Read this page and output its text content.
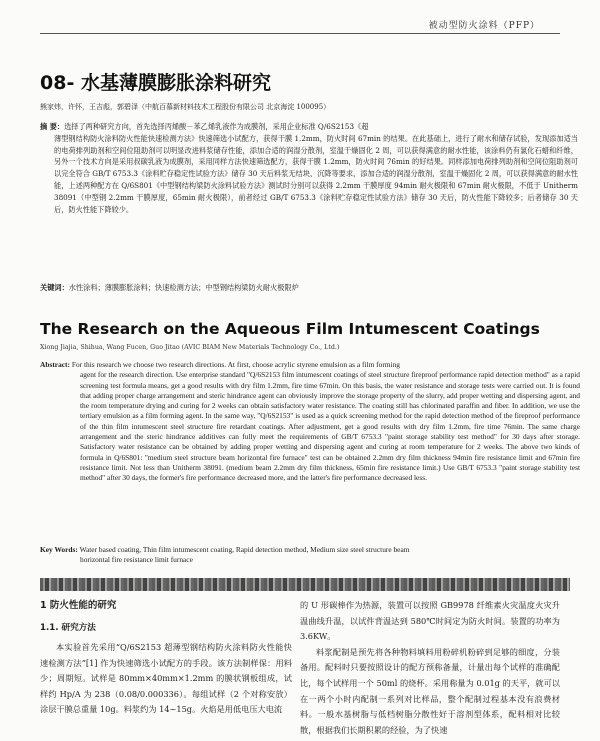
被动型防火涂料（PFP）
08- 水基薄膜膨胀涂料研究
熊家炜，许怀，王吉彪，郭碧泽（中航百慕新材料技术工程股份有限公司 北京海淀 100095）
摘 要：选择了两种研究方向，首先选择丙烯酸－苯乙烯乳液作为成膜剂，采用企业标准 Q/6S2153《超
薄型钢结构防火涂料防火性能快速检测方法》快速筛选小试配方，获得干膜 1.2mm，防火时间 67min 的结果。在此基础上，进行了耐水和储存试验，发现添加适当的电荷排列助剂和空间位阻助剂可以明显改进料浆储存性能，添加合适的润湿分散剂，室温干燥固化 2 周，可以获得满意的耐水性能，该涂料仍有氯化石蜡和纤维，另外一个技术方向是采用叔碳乳液为成膜剂，采用同样方法快速筛选配方，获得干膜 1.2mm，防火时间 76min 的好结果。同样添加电荷排列助剂和空间位阻助剂可以完全符合 GB/T 6753.3《涂料贮存稳定性试验方法》储存 30 天后料浆无结块、沉降等要求，添加合适的润湿分散剂，室温干燥固化 2 周，可以获得满意的耐水性能，上述两种配方在 Q/6S801《中型钢结构梁防火涂料试验方法》测试时分别可以获得 2.2mm 干膜厚度 94min 耐火极限和 67min 耐火极限，不低于 Unitherm 38091（中型钢 2.2mm 干膜厚度，65min 耐火极限），前者经过 GB/T 6753.3《涂料贮存稳定性试验方法》储存 30 天后，防火性能下降较多；后者储存 30 天后，防火性能下降较少。
关键词：水性涂料；薄膜膨胀涂料；快速检测方法；中型钢结构梁防火耐火极限炉
The Research on the Aqueous Film Intumescent Coatings
Xiong Jiajia, Shihua, Wang Fucen, Guo Jitao (AVIC BIAM New Materials Technology Co., Ltd.)
Abstract: For this research we choose two research directions. At first, choose acrylic styrene emulsion as a film forming
agent for the research direction. Use enterprise standard "Q/6S2153 film intumescent coatings of steel structure fireproof performance rapid detection method" as a rapid screening test formula means, get a good results with dry film 1.2mm, fire time 67min. On this basis, the water resistance and storage tests were carried out. It is found that adding proper charge arrangement and steric hindrance agent can obviously improve the storage property of the slurry, add proper wetting and dispersing agent, and the room temperature drying and curing for 2 weeks can obtain satisfactory water resistance. The coating still has chlorinated paraffin and fiber. In addition, we use the tertiary emulsion as a film forming agent. In the same way, "Q/6S2153" is used as a quick screening method for the rapid detection method of the fireproof performance of the thin film intumescent steel structure fire retardant coatings. After adjustment, get a good results with dry film 1.2mm, fire time 76min. The same charge arrangement and the steric hindrance additives can fully meet the requirements of GB/T 6753.3 "paint storage stability test method" for 30 days after storage. Satisfactory water resistance can be obtained by adding proper wetting and dispersing agent and curing at room temperature for 2 weeks. The above two kinds of formula in Q/6S801: "medium steel structure beam horizontal fire furnace" test can be obtained 2.2mm dry film thickness 94min fire resistance limit and 67min fire resistance limit. Not less than Unitherm 38091. (medium beam 2.2mm dry film thickness, 65min fire resistance limit.) Use GB/T 6753.3 "paint storage stability test method" after 30 days, the former's fire performance decreased more, and the latter's fire performance decreased less.
Key Words: Water based coating, Thin film intumescent coating, Rapid detection method, Medium size steel structure beam
horizontal fire resistance limit furnace
1 防火性能的研究
1.1. 研究方法
本实验首先采用“Q/6S2153 超薄型钢结构防火涂料防火性能快速检测方法”[1] 作为快速筛选小试配方的手段。该方法制样保：用料少；周期短。试样是 80mm×40mm×1.2mm 的膜状钢板组成，试样约 Hp/A 为 238（0.08/0.000336）。每组试样（2 个对称安放）涂层干膜总重量 10g。料浆约为 14~15g。火焰是用低电压大电流
的 U 形碳棒作为热源，装置可以按照 GB9978 纤维素火灾温度火灾升温曲线升温，以试件背温达到 580℃时间定为防火时间。装置的功率为 3.6KW。
料浆配制是预先将各种物料填料用粉碎机粉碎到足够的细度，分装备用。配料时只要按照设计的配方预称备量，计量出每个试样的准确配比，每个试样用一个 50ml 的烧杯。采用称量为 0.01g 的天平，就可以在一两个小时内配制一系列对比样品，整个配制过程基本没有浪费材料。一般水基树脂与低档树脂分散性好于溶剂型体系，配料相对比较散，根据我们长期积累的经验，为了快速
